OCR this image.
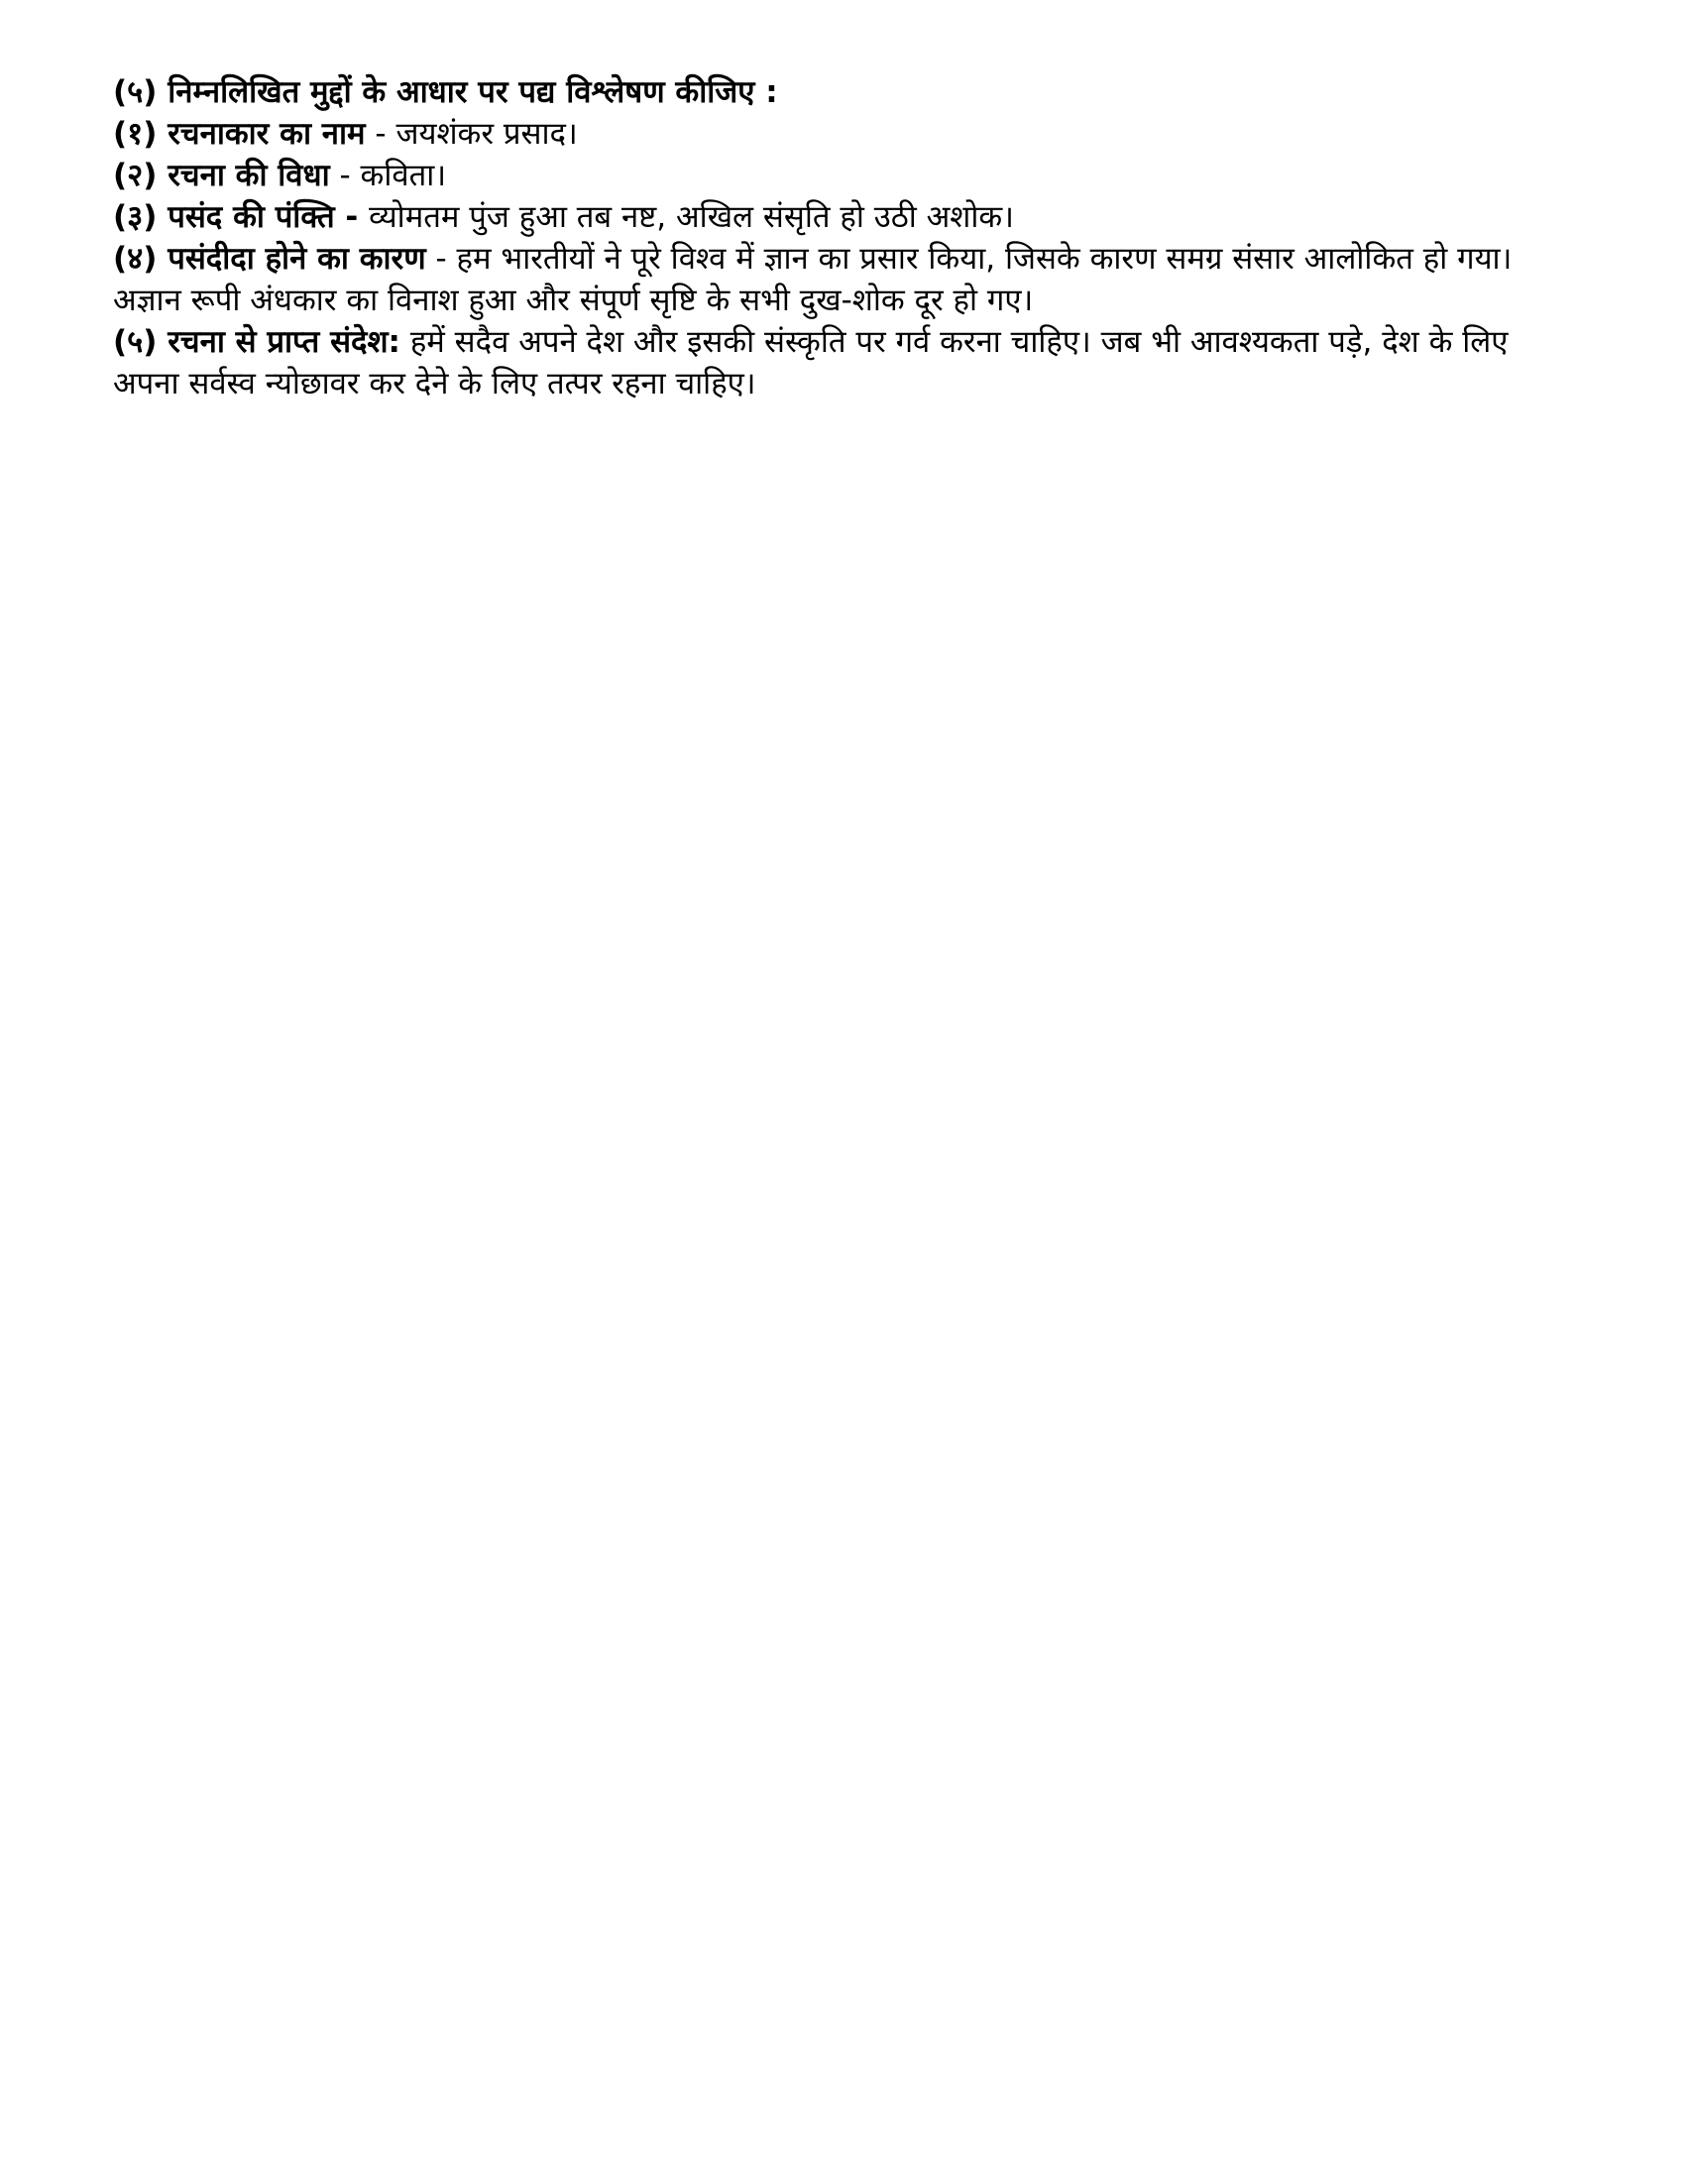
(५) निम्नलिखित मुद्दों के आधार पर पद्य विश्लेषण कीजिए :

(१) रचनाकार का नाम - जयशंकर प्रसाद।

(२) रचना की विधा - कविता।

(३) पसंद की पंक्ति - व्योमतम पुंज हुआ तब नष्ट, अखिल संसृति हो उठी अशोक।

(४) पसंदीदा होने का कारण - हम भारतीयों ने पूरे विश्व में ज्ञान का प्रसार किया, जिसके कारण समग्र संसार आलोकित हो गया। अज्ञान रूपी अंधकार का विनाश हुआ और संपूर्ण सृष्टि के सभी दुख-शोक दूर हो गए।

(५) रचना से प्राप्त संदेश: हमें सदैव अपने देश और इसकी संस्कृति पर गर्व करना चाहिए। जब भी आवश्यकता पड़े, देश के लिए अपना सर्वस्व न्योछावर कर देने के लिए तत्पर रहना चाहिए।
